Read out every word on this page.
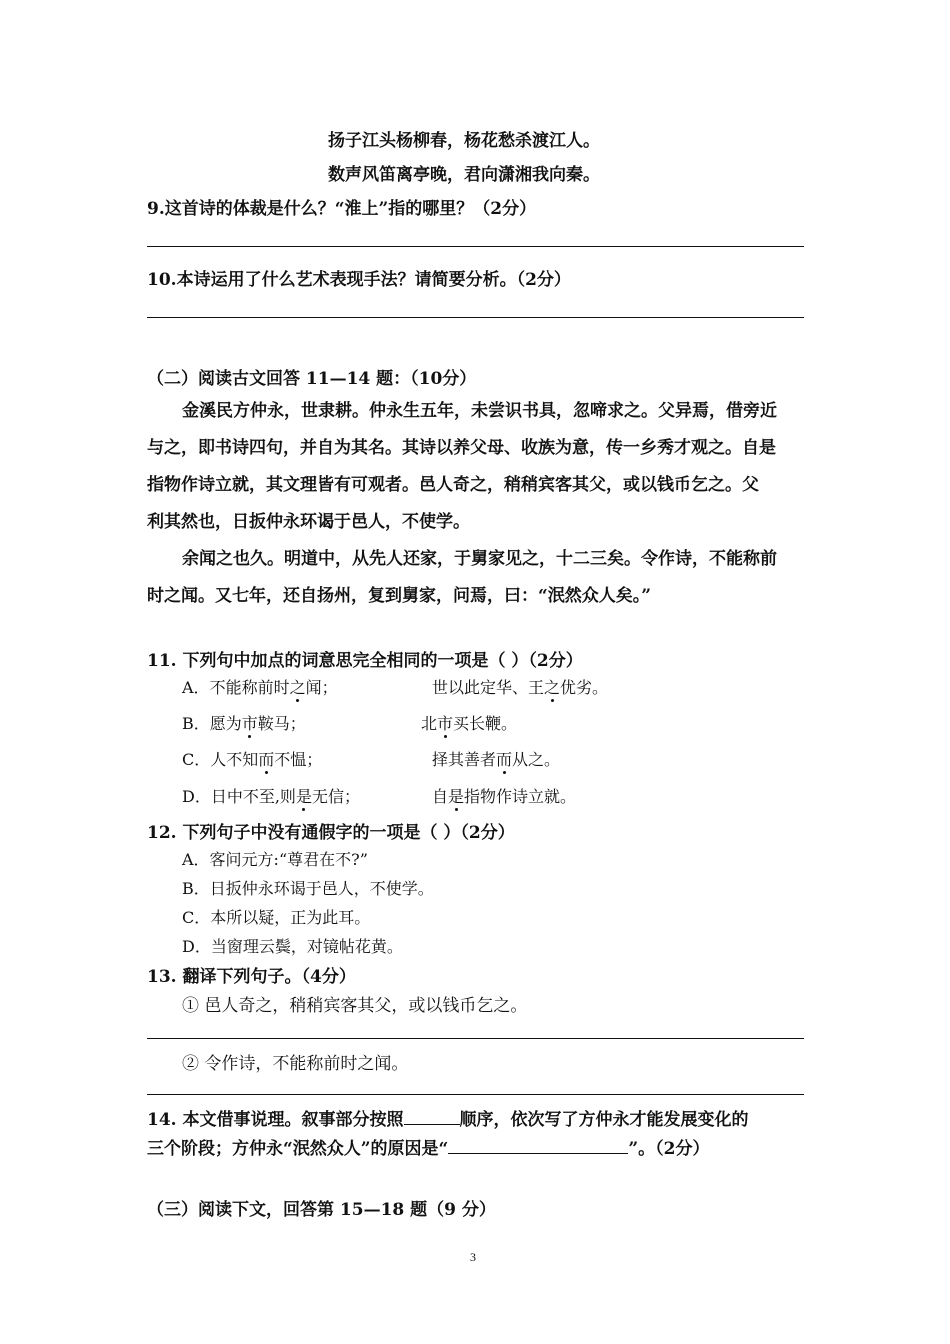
扬子江头杨柳春，杨花愁杀渡江人。
数声风笛离亭晚，君向潇湘我向秦。
9.这首诗的体裁是什么？“淮上”指的哪里？（2分）
10.本诗运用了什么艺术表现手法？请简要分析。（2分）
（二）阅读古文回答 11—14 题：（10分）
金溪民方仲永，世隶耕。仲永生五年，未尝识书具，忽啼求之。父异焉，借旁近
与之，即书诗四句，并自为其名。其诗以养父母、收族为意，传一乡秀才观之。自是
指物作诗立就，其文理皆有可观者。邑人奇之，稍稍宾客其父，或以钱币乞之。父
利其然也，日扳仲永环谒于邑人，不使学。
余闻之也久。明道中，从先人还家，于舅家见之，十二三矣。令作诗，不能称前
时之闻。又七年，还自扬州，复到舅家，问焉，曰：“泯然众人矣。”
11. 下列句中加点的词意思完全相同的一项是（ ）（2分）
A．不能称前时之闻；	世以此定华、王之优劣。
B．愿为市鞍马；	北市买长鞭。
C．人不知而不愠；	择其善者而从之。
D．日中不至,则是无信；	自是指物作诗立就。
12. 下列句子中没有通假字的一项是（ ）（2分）
A．客问元方:“尊君在不?”
B．日扳仲永环谒于邑人，不使学。
C．本所以疑，正为此耳。
D．当窗理云鬓，对镜帖花黄。
13. 翻译下列句子。（4分）
① 邑人奇之，稍稍宾客其父，或以钱币乞之。
② 令作诗，不能称前时之闻。
14. 本文借事说理。叙事部分按照	顺序，依次写了方仲永才能发展变化的
三个阶段；方仲永“泯然众人”的原因是“	”。（2分）
（三）阅读下文，回答第 15—18 题（9 分）
3
